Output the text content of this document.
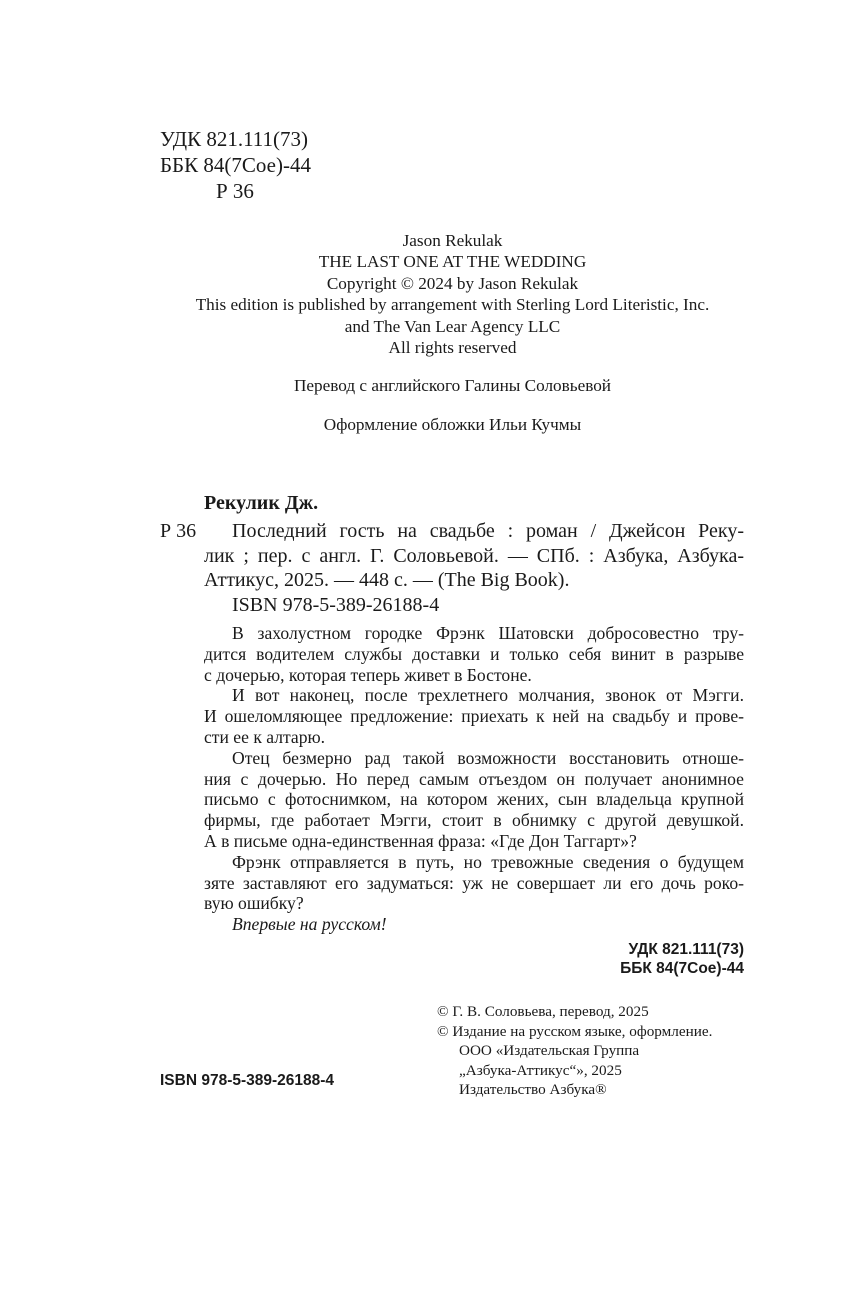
УДК 821.111(73)
ББК 84(7Сое)-44
Р 36
Jason Rekulak
THE LAST ONE AT THE WEDDING
Copyright © 2024 by Jason Rekulak
This edition is published by arrangement with Sterling Lord Literistic, Inc.
and The Van Lear Agency LLC
All rights reserved
Перевод с английского Галины Соловьевой
Оформление обложки Ильи Кучмы
Рекулик Дж.
Р 36 Последний гость на свадьбе : роман / Джейсон Реку-
лик ; пер. с англ. Г. Соловьевой. — СПб. : Азбука, Азбука-
Аттикус, 2025. — 448 с. — (The Big Book).
ISBN 978-5-389-26188-4
В захолустном городке Фрэнк Шатовски добросовестно тру-
дится водителем службы доставки и только себя винит в разрыве
с дочерью, которая теперь живет в Бостоне.
И вот наконец, после трехлетнего молчания, звонок от Мэгги.
И ошеломляющее предложение: приехать к ней на свадьбу и прове-
сти ее к алтарю.
Отец безмерно рад такой возможности восстановить отноше-
ния с дочерью. Но перед самым отъездом он получает анонимное
письмо с фотоснимком, на котором жених, сын владельца крупной
фирмы, где работает Мэгги, стоит в обнимку с другой девушкой.
А в письме одна-единственная фраза: «Где Дон Таггарт»?
Фрэнк отправляется в путь, но тревожные сведения о будущем
зяте заставляют его задуматься: уж не совершает ли его дочь роко-
вую ошибку?
Впервые на русском!
УДК 821.111(73)
ББК 84(7Сое)-44
© Г. В. Соловьева, перевод, 2025
© Издание на русском языке, оформление.
ООО «Издательская Группа
„Азбука-Аттикус“», 2025
Издательство Азбука®
ISBN 978-5-389-26188-4
